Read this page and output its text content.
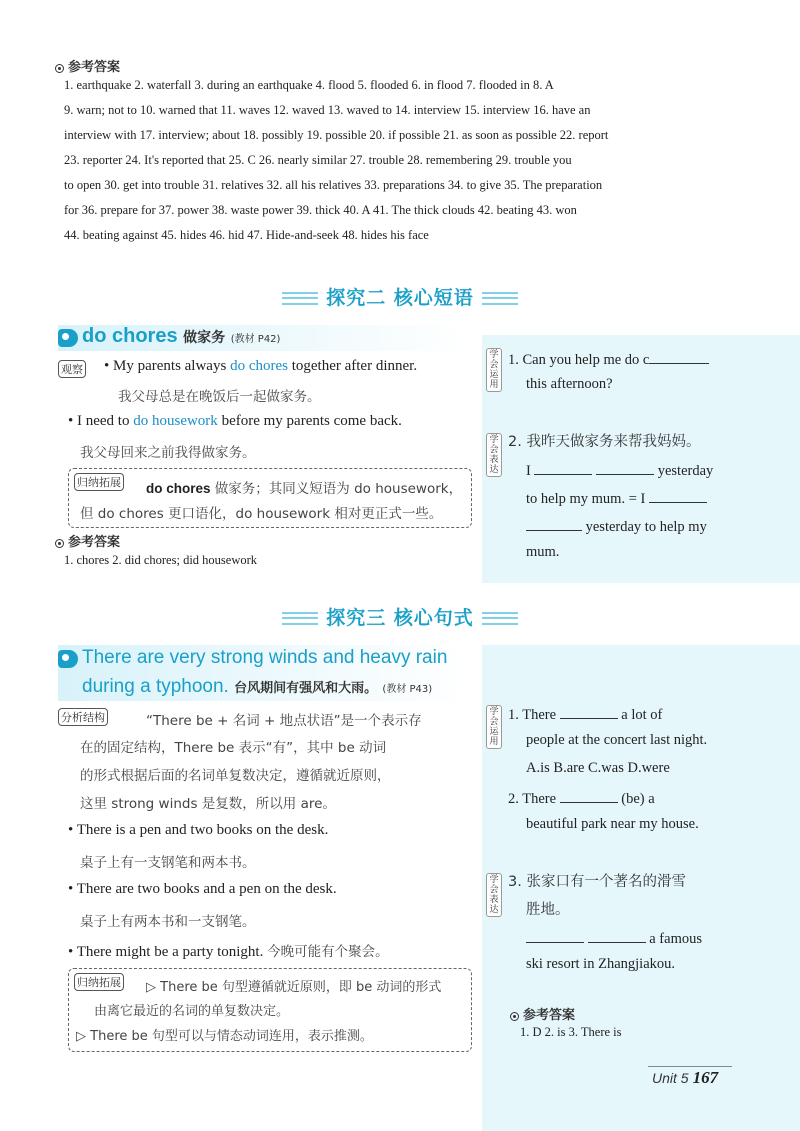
参考答案
1. earthquake 2. waterfall 3. during an earthquake 4. flood 5. flooded 6. in flood 7. flooded in 8. A
9. warn; not to 10. warned that 11. waves 12. waved 13. waved to 14. interview 15. interview 16. have an
interview with 17. interview; about 18. possibly 19. possible 20. if possible 21. as soon as possible 22. report
23. reporter 24. It's reported that 25. C 26. nearly similar 27. trouble 28. remembering 29. trouble you
to open 30. get into trouble 31. relatives 32. all his relatives 33. preparations 34. to give 35. The preparation
for 36. prepare for 37. power 38. waste power 39. thick 40. A 41. The thick clouds 42. beating 43. won
44. beating against 45. hides 46. hid 47. Hide-and-seek 48. hides his face
探究二 核心短语
do chores 做家务 (教材 P42)
观察 • My parents always do chores together after dinner.
我父母总是在晚饭后一起做家务。
• I need to do housework before my parents come back.
我父母回来之前我得做家务。
归纳拓展 do chores 做家务；其同义短语为 do housework，
但 do chores 更口语化，do housework 相对更正式一些。
参考答案
1. chores 2. did chores; did housework
学会运用
1. Can you help me do c
this afternoon?
学会表达
2. 我昨天做家务来帮我妈妈。
I	yesterday
to help my mum. = I
yesterday to help my
mum.
探究三 核心句式
There are very strong winds and heavy rain
during a typhoon. 台风期间有强风和大雨。 (教材 P43)
分析结构	“There be + 名词 + 地点状语”是一个表示存
在的固定结构，There be 表示“有”，其中 be 动词
的形式根据后面的名词单复数决定，遵循就近原则，
这里 strong winds 是复数，所以用 are。
• There is a pen and two books on the desk.
桌子上有一支钢笔和两本书。
• There are two books and a pen on the desk.
桌子上有两本书和一支钢笔。
• There might be a party tonight. 今晚可能有个聚会。
归纳拓展 ▷ There be 句型遵循就近原则，即 be 动词的形式
由离它最近的名词的单复数决定。
▷ There be 句型可以与情态动词连用，表示推测。
学会运用
1. There	a lot of
people at the concert last night.
A.is B.are C.was D.were
2. There	(be) a
beautiful park near my house.
学会表达
3. 张家口有一个著名的滑雪
胜地。
a famous
ski resort in Zhangjiakou.
参考答案
1. D 2. is 3. There is
Unit 5 167
